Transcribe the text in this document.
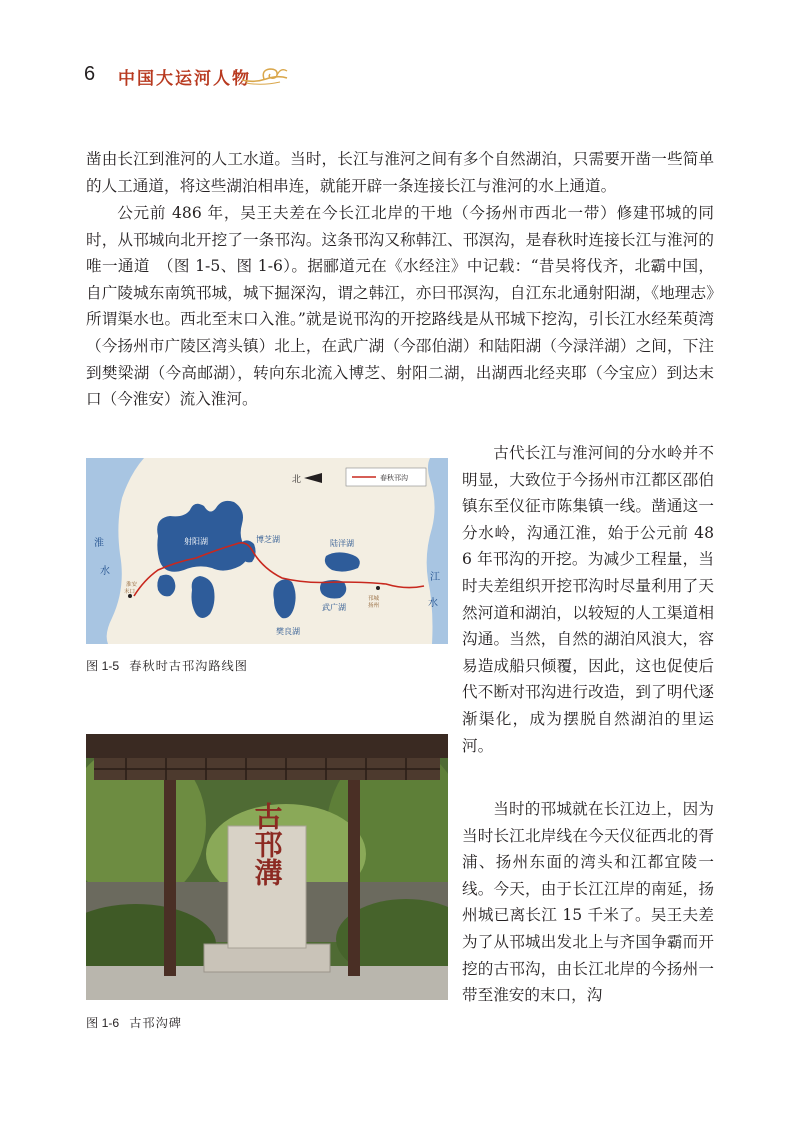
6 中国大运河人物

凿由长江到淮河的人工水道。当时，长江与淮河之间有多个自然湖泊，只需要开凿一些简单的人工通道，将这些湖泊相串连，就能开辟一条连接长江与淮河的水上通道。

公元前 486 年，吴王夫差在今长江北岸的干地（今扬州市西北一带）修建邗城的同时，从邗城向北开挖了一条邗沟。这条邗沟又称韩江、邗溟沟，是春秋时连接长江与淮河的唯一通道　（图 1-5、图 1-6）。据郦道元在《水经注》中记载：“昔吴将伐齐，北霸中国，自广陵城东南筑邗城，城下掘深沟，谓之韩江，亦曰邗溟沟，自江东北通射阳湖，《地理志》所谓渠水也。西北至末口入淮。”就是说邗沟的开挖路线是从邗城下挖沟，引长江水经茱萸湾（今扬州市广陵区湾头镇）北上，在武广湖（今邵伯湖）和陆阳湖（今渌洋湖）之间，下注到樊梁湖（今高邮湖），转向东北流入博芝、射阳二湖，出湖西北经夹耶（今宝应）到达末口（今淮安）流入淮河。

古代长江与淮河间的分水岭并不明显，大致位于今扬州市江都区邵伯镇东至仪征市陈集镇一线。凿通这一分水岭，沟通江淮，始于公元前 486 年邗沟的开挖。为减少工程量，当时夫差组织开挖邗沟时尽量利用了天然河道和湖泊，以较短的人工渠道相沟通。当然，自然的湖泊风浪大，容易造成船只倾覆，因此，这也促使后代不断对邗沟进行改造，到了明代逐渐渠化，成为摆脱自然湖泊的里运河。

当时的邗城就在长江边上，因为当时长江北岸线在今天仪征西北的胥浦、扬州东面的湾头和江都宜陵一线。今天，由于长江江岸的南延，扬州城已离长江 15 千米了。吴王夫差为了从邗城出发北上与齐国争霸而开挖的古邗沟，由长江北岸的今扬州一带至淮安的末口，沟

北	春秋邗沟
淮
水
江
水
射阳湖	博芝湖	陆洋湖
武广湖
樊良湖
淮安
末口
邗城
扬州
图 1-5 春秋时古邗沟路线图
古邗溝
图 1-6 古邗沟碑
